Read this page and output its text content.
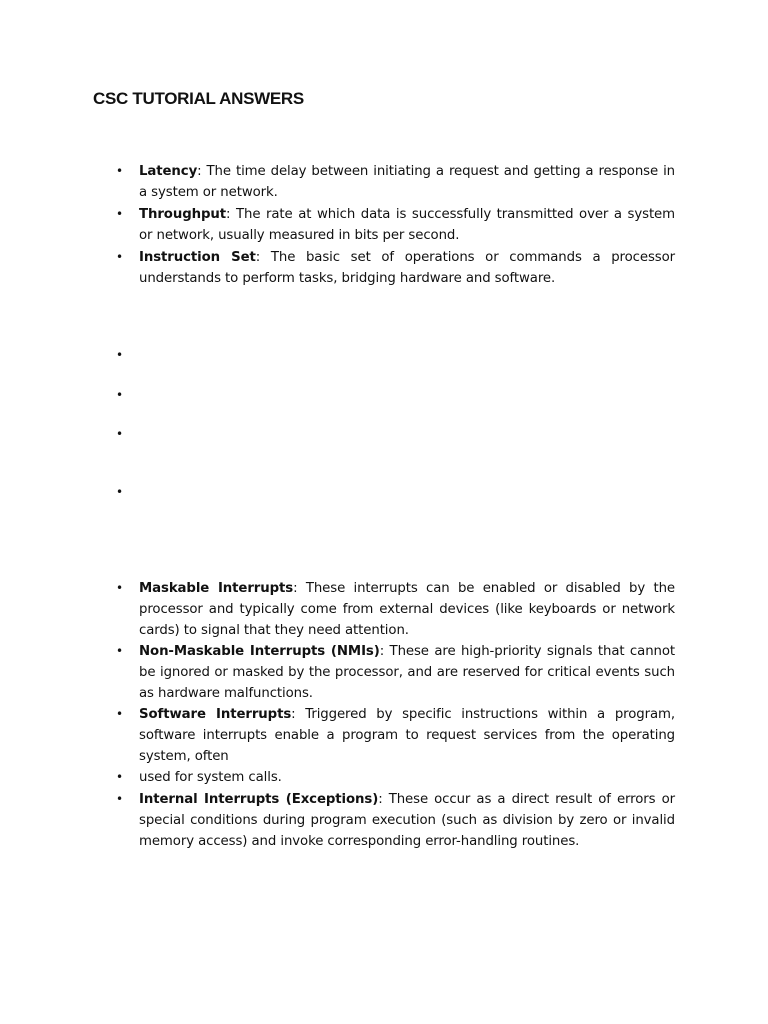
CSC TUTORIAL ANSWERS
• Latency: The time delay between initiating a request and getting a response in a system or network.
• Throughput: The rate at which data is successfully transmitted over a system or network, usually measured in bits per second.
• Instruction Set: The basic set of operations or commands a processor understands to perform tasks, bridging hardware and software.
•
•
•
•
• Maskable Interrupts: These interrupts can be enabled or disabled by the processor and typically come from external devices (like keyboards or network cards) to signal that they need attention.
• Non-Maskable Interrupts (NMIs): These are high-priority signals that cannot be ignored or masked by the processor, and are reserved for critical events such as hardware malfunctions.
• Software Interrupts: Triggered by specific instructions within a program, software interrupts enable a program to request services from the operating system, often
• used for system calls.
• Internal Interrupts (Exceptions): These occur as a direct result of errors or special conditions during program execution (such as division by zero or invalid memory access) and invoke corresponding error-handling routines.
